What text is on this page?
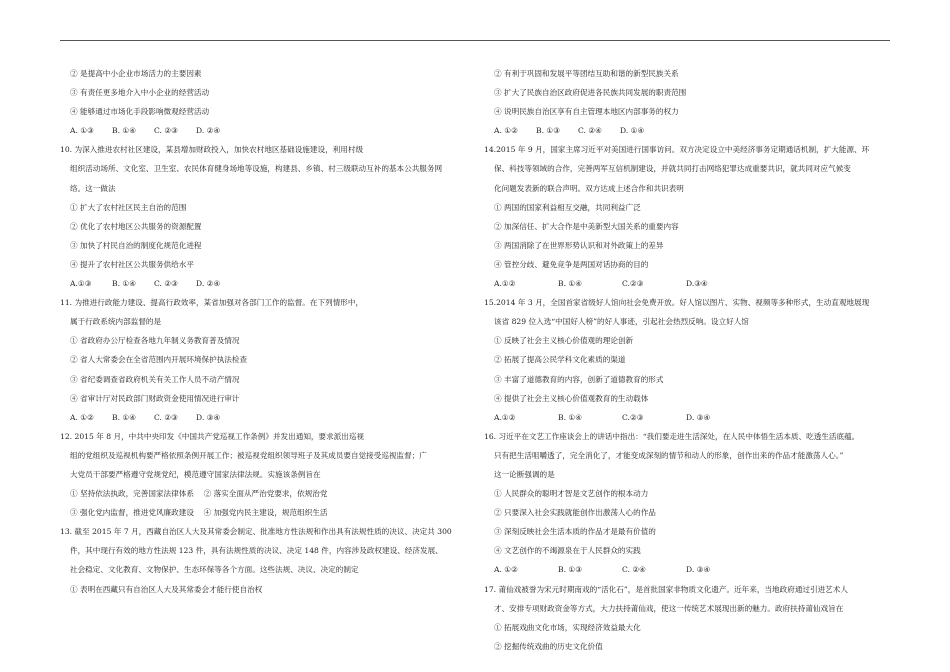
② 是提高中小企业市场活力的主要因素
③ 有责任更多地介入中小企业的经营活动
④ 能够通过市场化手段影响微观经营活动
A. ①③ B. ①④ C. ②③ D. ②④
10. 为深入推进农村社区建设，某县增加财政投入，加快农村地区基础设施建设，利用村级
组织活动场所、文化室、卫生室、农民体育健身场地等设施，构建县、乡镇、村三级联动互补的基本公共服务网
络。这一做法
① 扩大了农村社区民主自治的范围
② 优化了农村地区公共服务的资源配置
③ 加快了村民自治的制度化规范化进程
④ 提升了农村社区公共服务供给水平
A.①③	B. ①④ C. ②③ D. ②④
11. 为推进行政能力建设、提高行政效率，某省加强对各部门工作的监督。在下列情形中，
属于行政系统内部监督的是
① 省政府办公厅检查各地九年制义务教育普及情况
② 省人大常委会在全省范围内开展环境保护执法检查
③ 省纪委调查省政府机关有关工作人员不动产情况
④ 省审计厅对民政部门财政资金使用情况进行审计
A. ①② B. ①④ C. ②③ D. ③④
12. 2015 年 8 月，中共中央印发《中国共产党巡视工作条例》并发出通知，要求派出巡视
组的党组织及巡视机构要严格依照条例开展工作；被巡视党组织领导班子及其成员要自觉接受巡视监督；广
大党员干部要严格遵守党规党纪，模范遵守国家法律法规。实施该条例旨在
① 坚持依法执政，完善国家法律体系 ② 落实全面从严治党要求，依规治党
③ 强化党内监督，推进党风廉政建设 ④ 加强党内民主建设，规范组织生活
13. 截至 2015 年 7 月，西藏自治区人大及其常委会制定、批准地方性法规和作出具有法规性质的决议、决定共 300
件，其中现行有效的地方性法规 123 件，具有法规性质的决议、决定 148 件，内容涉及政权建设、经济发展、
社会稳定、文化教育、文物保护、生态环保等各个方面。这些法规、决议、决定的制定
① 表明在西藏只有自治区人大及其常委会才能行使自治权
② 有利于巩固和发展平等团结互助和谐的新型民族关系
③ 扩大了民族自治区政府促进各民族共同发展的职责范围
④ 说明民族自治区享有自主管理本地区内部事务的权力
A. ①② B. ①③ C. ②④ D. ①④
14.2015 年 9 月，国家主席习近平对美国进行国事访问。双方决定设立中美经济事务定期通话机制，扩大能源、环
保、科技等领域的合作，完善两军互信机制建设，并就共同打击网络犯罪达成重要共识，就共同对应气候变
化问题发表新的联合声明。双方达成上述合作和共识表明
① 两国的国家利益相互交融，共同利益广泛
② 加深信任、扩大合作是中美新型大国关系的重要内容
③ 两国消除了在世界形势认识和对外政策上的差异
④ 管控分歧、避免竞争是两国对话协商的目的
A.①②	B. ①④	C.②③	D.③④
15.2014 年 3 月，全国首家省级好人馆向社会免费开放。好人馆以图片、实物、视频等多种形式，生动直观地展现
该省 829 位入选“中国好人榜”的好人事迹，引起社会热烈反响。设立好人馆
① 反映了社会主义核心价值观的理论创新
② 拓展了提高公民学科文化素质的渠道
③ 丰富了道德教育的内容，创新了道德教育的形式
④ 提供了社会主义核心价值观教育的生动载体
A.①②	B. ①④	C.②③	D. ③④
16. 习近平在文艺工作座谈会上的讲话中指出：“我们要走进生活深处，在人民中体悟生活本质、吃透生活底蕴。
只有把生活咀嚼透了，完全消化了，才能变成深刻的情节和动人的形象，创作出来的作品才能激荡人心。”
这一论断强调的是
① 人民群众的聪明才智是文艺创作的根本动力
② 只要深入社会实践就能创作出激荡人心的作品
③ 深刻反映社会生活本质的作品才是最有价值的
④ 文艺创作的不竭源泉在于人民群众的实践
A. ①②	B. ①③	C. ②④	D. ③④
17. 莆仙戏被誉为宋元时期南戏的“活化石”，是首批国家非物质文化遗产。近年来，当地政府通过引进艺术人
才、安排专项财政资金等方式，大力扶持莆仙戏，使这一传统艺术展现出新的魅力。政府扶持莆仙戏旨在
① 拓展戏曲文化市场，实现经济效益最大化
② 挖掘传统戏曲的历史文化价值
